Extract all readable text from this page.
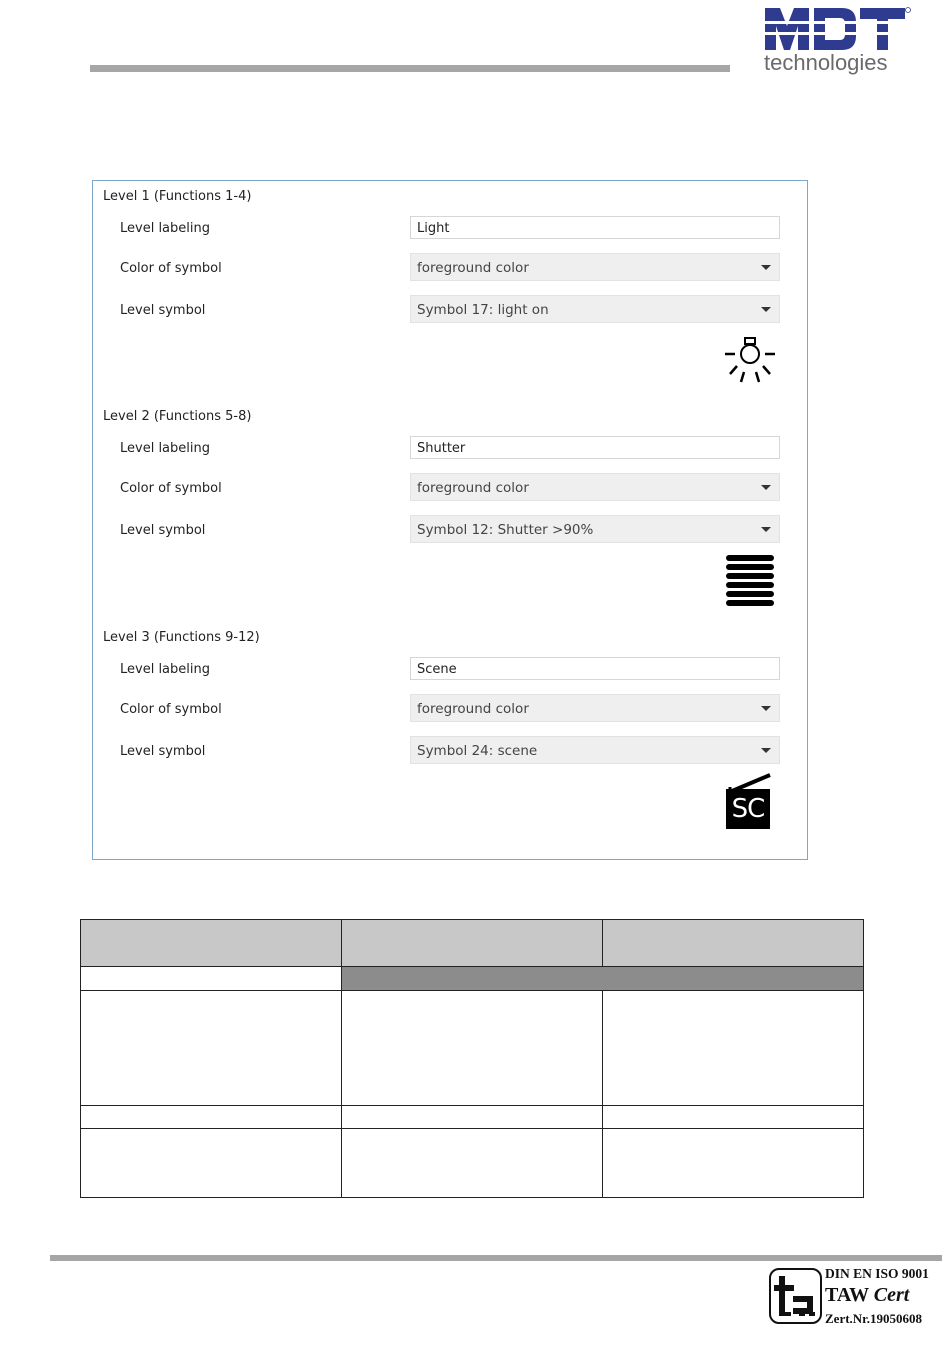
technologies
Level 1 (Functions 1-4)
Level labeling	Light
Color of symbol	foreground color
Level symbol	Symbol 17: light on
Level 2 (Functions 5-8)
Level labeling	Shutter
Color of symbol	foreground color
Level symbol	Symbol 12: Shutter >90%
Level 3 (Functions 9-12)
Level labeling	Scene
Color of symbol	foreground color
Level symbol	Symbol 24: scene
SC
DIN EN ISO 9001
TAW Cert
Zert.Nr.19050608
